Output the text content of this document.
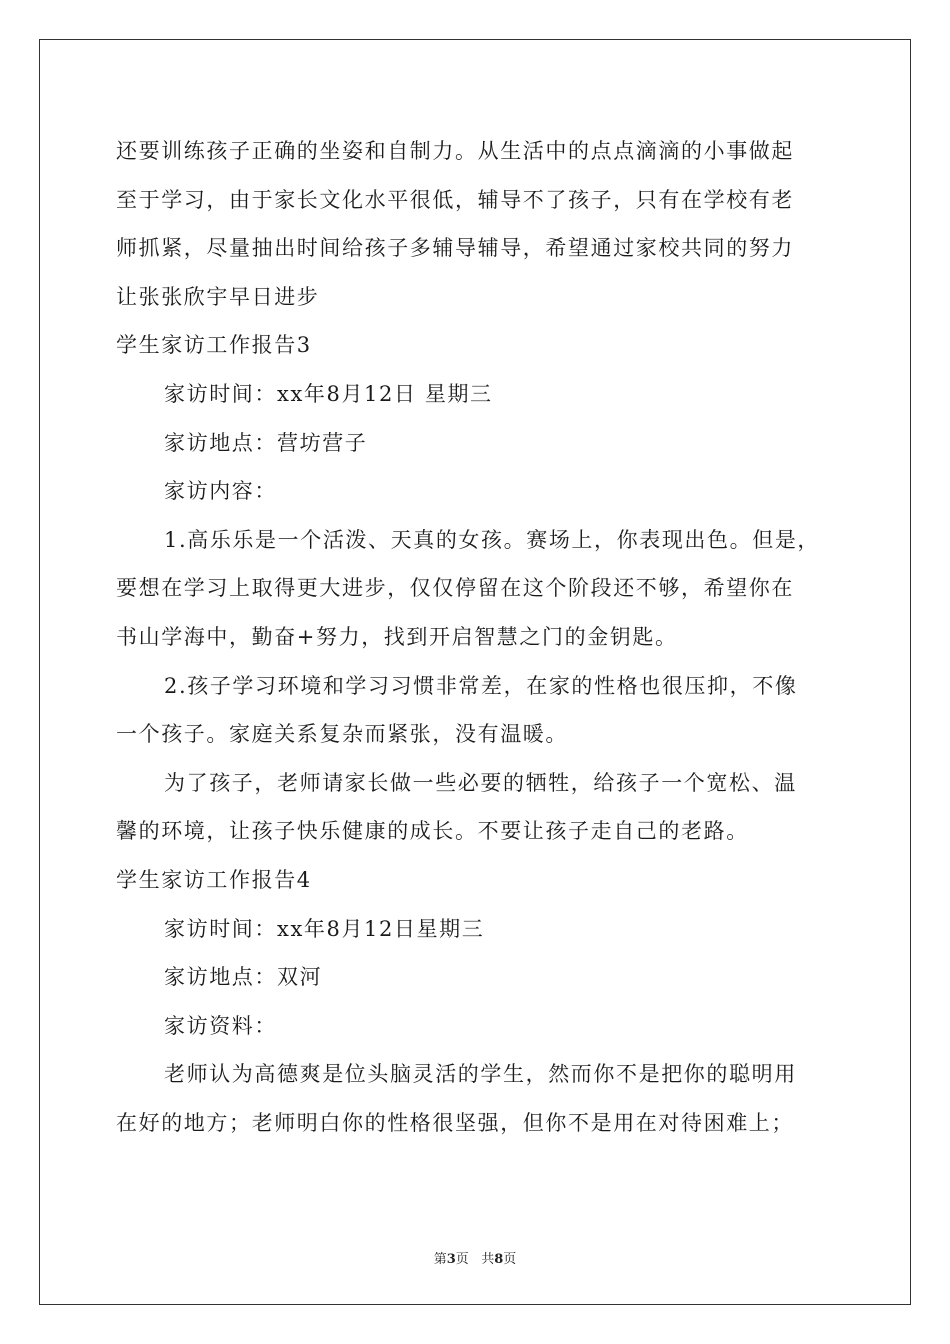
还要训练孩子正确的坐姿和自制力。从生活中的点点滴滴的小事做起
至于学习，由于家长文化水平很低，辅导不了孩子，只有在学校有老
师抓紧，尽量抽出时间给孩子多辅导辅导，希望通过家校共同的努力
让张张欣宇早日进步
学生家访工作报告3
家访时间：xx年8月12日 星期三
家访地点：营坊营子
家访内容：
1.高乐乐是一个活泼、天真的女孩。赛场上，你表现出色。但是，
要想在学习上取得更大进步，仅仅停留在这个阶段还不够，希望你在
书山学海中，勤奋+努力，找到开启智慧之门的金钥匙。
2.孩子学习环境和学习习惯非常差，在家的性格也很压抑，不像
一个孩子。家庭关系复杂而紧张，没有温暖。
为了孩子，老师请家长做一些必要的牺牲，给孩子一个宽松、温
馨的环境，让孩子快乐健康的成长。不要让孩子走自己的老路。
学生家访工作报告4
家访时间：xx年8月12日星期三
家访地点：双河
家访资料：
老师认为高德爽是位头脑灵活的学生，然而你不是把你的聪明用
在好的地方；老师明白你的性格很坚强，但你不是用在对待困难上；
第3页 共8页
